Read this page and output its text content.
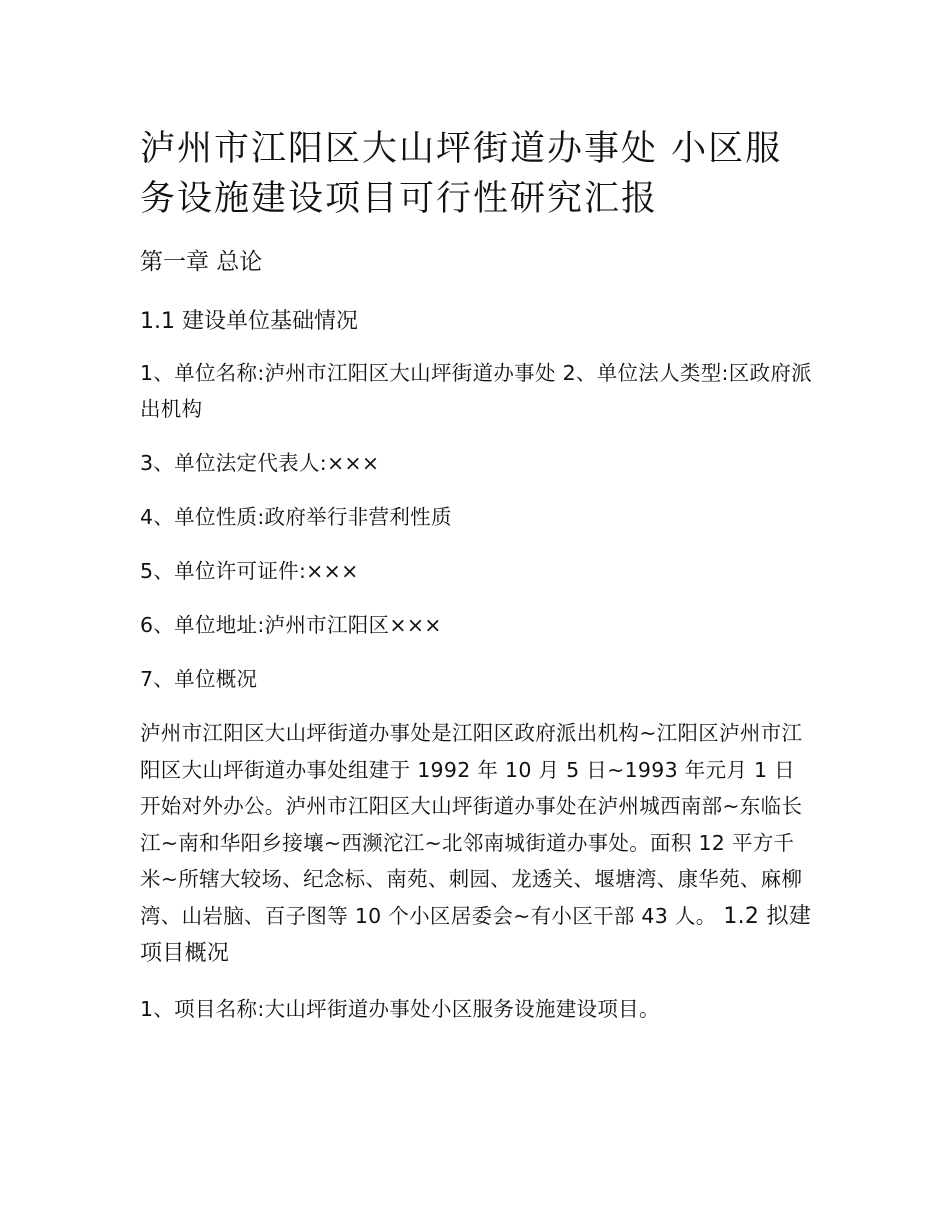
泸州市江阳区大山坪街道办事处 小区服务设施建设项目可行性研究汇报
第一章 总论
1.1 建设单位基础情况
1、单位名称:泸州市江阳区大山坪街道办事处 2、单位法人类型:区政府派出机构
3、单位法定代表人:×××
4、单位性质:政府举行非营利性质
5、单位许可证件:×××
6、单位地址:泸州市江阳区×××
7、单位概况
泸州市江阳区大山坪街道办事处是江阳区政府派出机构~江阳区泸州市江阳区大山坪街道办事处组建于 1992 年 10 月 5 日~1993 年元月 1 日开始对外办公。泸州市江阳区大山坪街道办事处在泸州城西南部~东临长江~南和华阳乡接壤~西濒沱江~北邻南城街道办事处。面积 12 平方千米~所辖大较场、纪念标、南苑、刺园、龙透关、堰塘湾、康华苑、麻柳湾、山岩脑、百子图等 10 个小区居委会~有小区干部 43 人。 1.2 拟建项目概况
1、项目名称:大山坪街道办事处小区服务设施建设项目。
